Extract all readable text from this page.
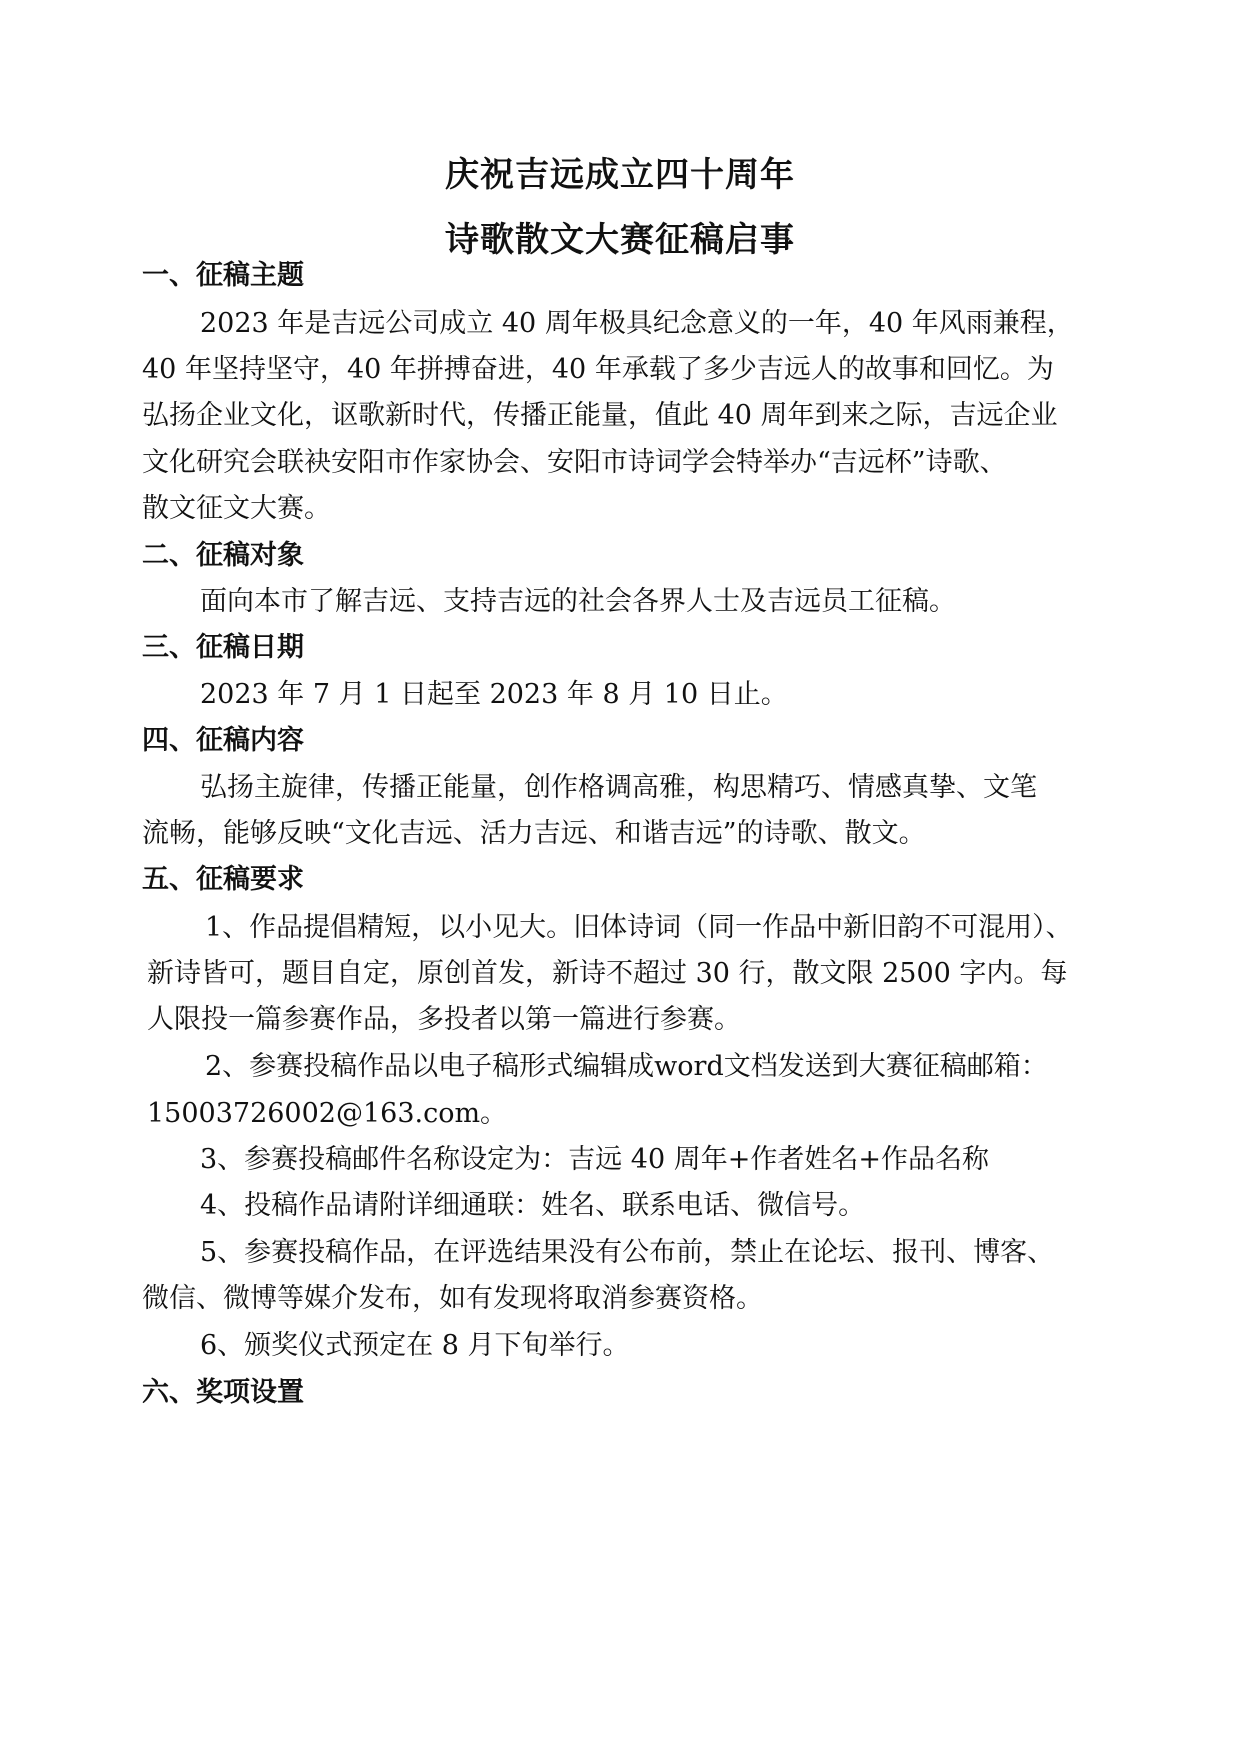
庆祝吉远成立四十周年
诗歌散文大赛征稿启事
一、征稿主题
2023 年是吉远公司成立 40 周年极具纪念意义的一年，40 年风雨兼程，
40 年坚持坚守，40 年拼搏奋进，40 年承载了多少吉远人的故事和回忆。为
弘扬企业文化，讴歌新时代，传播正能量，值此 40 周年到来之际，吉远企业
文化研究会联袂安阳市作家协会、安阳市诗词学会特举办“吉远杯”诗歌、
散文征文大赛。
二、征稿对象
面向本市了解吉远、支持吉远的社会各界人士及吉远员工征稿。
三、征稿日期
2023 年 7 月 1 日起至 2023 年 8 月 10 日止。
四、征稿内容
弘扬主旋律，传播正能量，创作格调高雅，构思精巧、情感真挚、文笔
流畅，能够反映“文化吉远、活力吉远、和谐吉远”的诗歌、散文。
五、征稿要求
1、作品提倡精短，以小见大。旧体诗词（同一作品中新旧韵不可混用）、
新诗皆可，题目自定，原创首发，新诗不超过 30 行，散文限 2500 字内。每
人限投一篇参赛作品，多投者以第一篇进行参赛。
2、参赛投稿作品以电子稿形式编辑成word文档发送到大赛征稿邮箱：
15003726002@163.com。
3、参赛投稿邮件名称设定为：吉远 40 周年+作者姓名+作品名称
4、投稿作品请附详细通联：姓名、联系电话、微信号。
5、参赛投稿作品，在评选结果没有公布前，禁止在论坛、报刊、博客、
微信、微博等媒介发布，如有发现将取消参赛资格。
6、颁奖仪式预定在 8 月下旬举行。
六、奖项设置
